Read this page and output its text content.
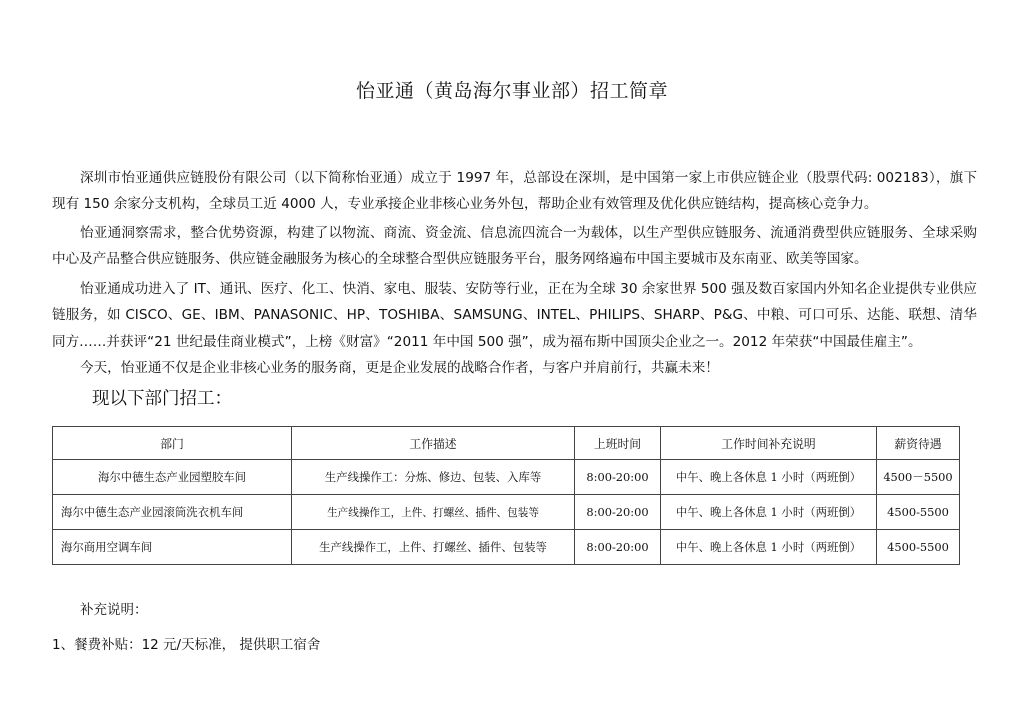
怡亚通（黄岛海尔事业部）招工简章

深圳市怡亚通供应链股份有限公司（以下简称怡亚通）成立于 1997 年，总部设在深圳，是中国第一家上市供应链企业（股票代码: 002183），旗下现有 150 余家分支机构，全球员工近 4000 人，专业承接企业非核心业务外包，帮助企业有效管理及优化供应链结构，提高核心竞争力。

怡亚通洞察需求，整合优势资源，构建了以物流、商流、资金流、信息流四流合一为载体，以生产型供应链服务、流通消费型供应链服务、全球采购中心及产品整合供应链服务、供应链金融服务为核心的全球整合型供应链服务平台，服务网络遍布中国主要城市及东南亚、欧美等国家。

怡亚通成功进入了 IT、通讯、医疗、化工、快消、家电、服装、安防等行业，正在为全球 30 余家世界 500 强及数百家国内外知名企业提供专业供应链服务，如 CISCO、GE、IBM、PANASONIC、HP、TOSHIBA、SAMSUNG、INTEL、PHILIPS、SHARP、P&G、中粮、可口可乐、达能、联想、清华同方……并获评“21 世纪最佳商业模式”，上榜《财富》“2011 年中国 500 强”，成为福布斯中国顶尖企业之一。2012 年荣获“中国最佳雇主”。

今天，怡亚通不仅是企业非核心业务的服务商，更是企业发展的战略合作者，与客户并肩前行，共赢未来！

现以下部门招工：
部门	工作描述	上班时间	工作时间补充说明	薪资待遇
海尔中德生态产业园塑胶车间	生产线操作工：分炼、修边、包装、入库等	8:00-20:00	中午、晚上各休息 1 小时（两班倒）	4500－5500
海尔中德生态产业园滚筒洗衣机车间	生产线操作工，上件、打螺丝、插件、包装等	8:00-20:00	中午、晚上各休息 1 小时（两班倒）	4500-5500
海尔商用空调车间	生产线操作工，上件、打螺丝、插件、包装等	8:00-20:00	中午、晚上各休息 1 小时（两班倒）	4500-5500
补充说明：
1、餐费补贴：12 元/天标准， 提供职工宿舍
